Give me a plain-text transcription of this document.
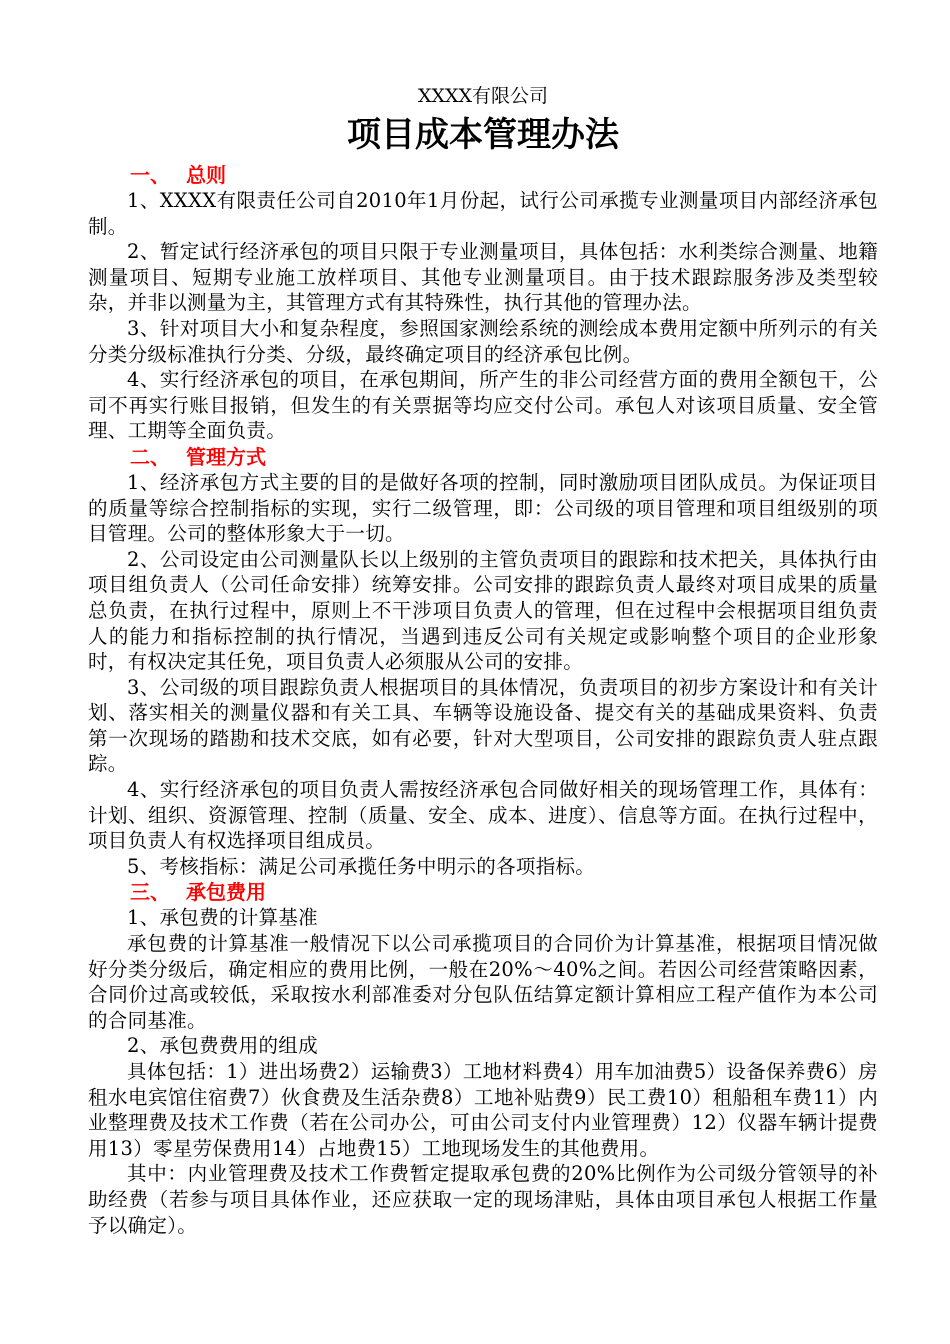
XXXX有限公司
项目成本管理办法
一、 总则

1、XXXX有限责任公司自2010年1月份起，试行公司承揽专业测量项目内部经济承包制。

2、暂定试行经济承包的项目只限于专业测量项目，具体包括：水利类综合测量、地籍测量项目、短期专业施工放样项目、其他专业测量项目。由于技术跟踪服务涉及类型较杂，并非以测量为主，其管理方式有其特殊性，执行其他的管理办法。

3、针对项目大小和复杂程度，参照国家测绘系统的测绘成本费用定额中所列示的有关分类分级标准执行分类、分级，最终确定项目的经济承包比例。

4、实行经济承包的项目，在承包期间，所产生的非公司经营方面的费用全额包干，公司不再实行账目报销，但发生的有关票据等均应交付公司。承包人对该项目质量、安全管理、工期等全面负责。

二、 管理方式

1、经济承包方式主要的目的是做好各项的控制，同时激励项目团队成员。为保证项目的质量等综合控制指标的实现，实行二级管理，即：公司级的项目管理和项目组级别的项目管理。公司的整体形象大于一切。

2、公司设定由公司测量队长以上级别的主管负责项目的跟踪和技术把关，具体执行由项目组负责人（公司任命安排）统筹安排。公司安排的跟踪负责人最终对项目成果的质量总负责，在执行过程中，原则上不干涉项目负责人的管理，但在过程中会根据项目组负责人的能力和指标控制的执行情况，当遇到违反公司有关规定或影响整个项目的企业形象时，有权决定其任免，项目负责人必须服从公司的安排。

3、公司级的项目跟踪负责人根据项目的具体情况，负责项目的初步方案设计和有关计划、落实相关的测量仪器和有关工具、车辆等设施设备、提交有关的基础成果资料、负责第一次现场的踏勘和技术交底，如有必要，针对大型项目，公司安排的跟踪负责人驻点跟踪。

4、实行经济承包的项目负责人需按经济承包合同做好相关的现场管理工作，具体有：计划、组织、资源管理、控制（质量、安全、成本、进度）、信息等方面。在执行过程中，项目负责人有权选择项目组成员。

5、考核指标：满足公司承揽任务中明示的各项指标。

三、 承包费用

1、承包费的计算基准

承包费的计算基准一般情况下以公司承揽项目的合同价为计算基准，根据项目情况做好分类分级后，确定相应的费用比例，一般在20%～40%之间。若因公司经营策略因素，合同价过高或较低，采取按水利部准委对分包队伍结算定额计算相应工程产值作为本公司的合同基准。

2、承包费费用的组成

具体包括：1）进出场费2）运输费3）工地材料费4）用车加油费5）设备保养费6）房租水电宾馆住宿费7）伙食费及生活杂费8）工地补贴费9）民工费10）租船租车费11）内业整理费及技术工作费（若在公司办公，可由公司支付内业管理费）12）仪器车辆计提费用13）零星劳保费用14）占地费15）工地现场发生的其他费用。

其中：内业管理费及技术工作费暂定提取承包费的20%比例作为公司级分管领导的补助经费（若参与项目具体作业，还应获取一定的现场津贴，具体由项目承包人根据工作量予以确定）。
